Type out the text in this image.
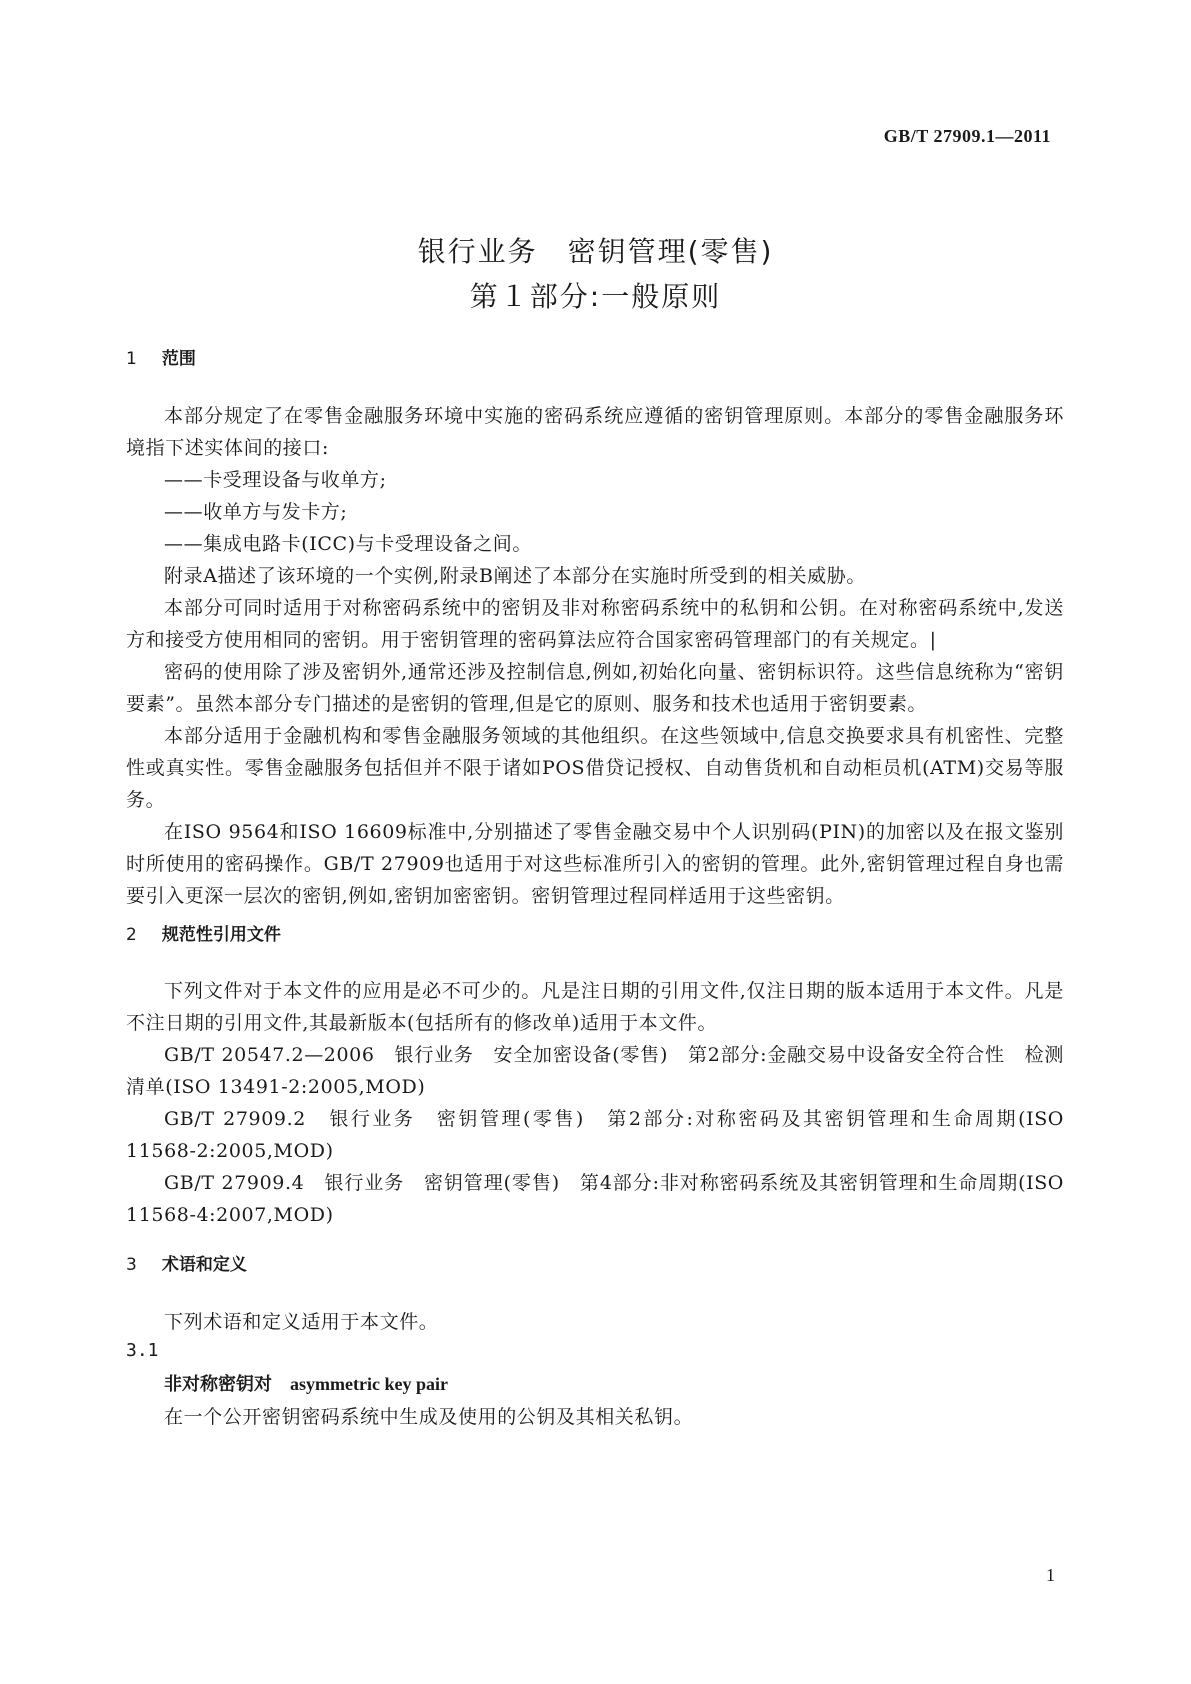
GB/T 27909.1—2011
银行业务　密钥管理(零售)
第１部分:一般原则
1 范围

本部分规定了在零售金融服务环境中实施的密码系统应遵循的密钥管理原则。本部分的零售金融服务环境指下述实体间的接口:

——卡受理设备与收单方;

——收单方与发卡方;

——集成电路卡(ICC)与卡受理设备之间。

附录A描述了该环境的一个实例,附录B阐述了本部分在实施时所受到的相关威胁。

本部分可同时适用于对称密码系统中的密钥及非对称密码系统中的私钥和公钥。在对称密码系统中,发送方和接受方使用相同的密钥。用于密钥管理的密码算法应符合国家密码管理部门的有关规定。|

密码的使用除了涉及密钥外,通常还涉及控制信息,例如,初始化向量、密钥标识符。这些信息统称为“密钥要素”。虽然本部分专门描述的是密钥的管理,但是它的原则、服务和技术也适用于密钥要素。

本部分适用于金融机构和零售金融服务领域的其他组织。在这些领域中,信息交换要求具有机密性、完整性或真实性。零售金融服务包括但并不限于诸如POS借贷记授权、自动售货机和自动柜员机(ATM)交易等服务。

在ISO 9564和ISO 16609标准中,分别描述了零售金融交易中个人识别码(PIN)的加密以及在报文鉴别时所使用的密码操作。GB/T 27909也适用于对这些标准所引入的密钥的管理。此外,密钥管理过程自身也需要引入更深一层次的密钥,例如,密钥加密密钥。密钥管理过程同样适用于这些密钥。

2 规范性引用文件

下列文件对于本文件的应用是必不可少的。凡是注日期的引用文件,仅注日期的版本适用于本文件。凡是不注日期的引用文件,其最新版本(包括所有的修改单)适用于本文件。

GB/T 20547.2—2006　银行业务　安全加密设备(零售)　第2部分:金融交易中设备安全符合性　检测清单(ISO 13491-2:2005,MOD)

GB/T 27909.2　银行业务　密钥管理(零售)　第2部分:对称密码及其密钥管理和生命周期(ISO 11568-2:2005,MOD)

GB/T 27909.4　银行业务　密钥管理(零售)　第4部分:非对称密码系统及其密钥管理和生命周期(ISO 11568-4:2007,MOD)

3 术语和定义

下列术语和定义适用于本文件。

3.1
非对称密钥对 asymmetric key pair
在一个公开密钥密码系统中生成及使用的公钥及其相关私钥。
1
